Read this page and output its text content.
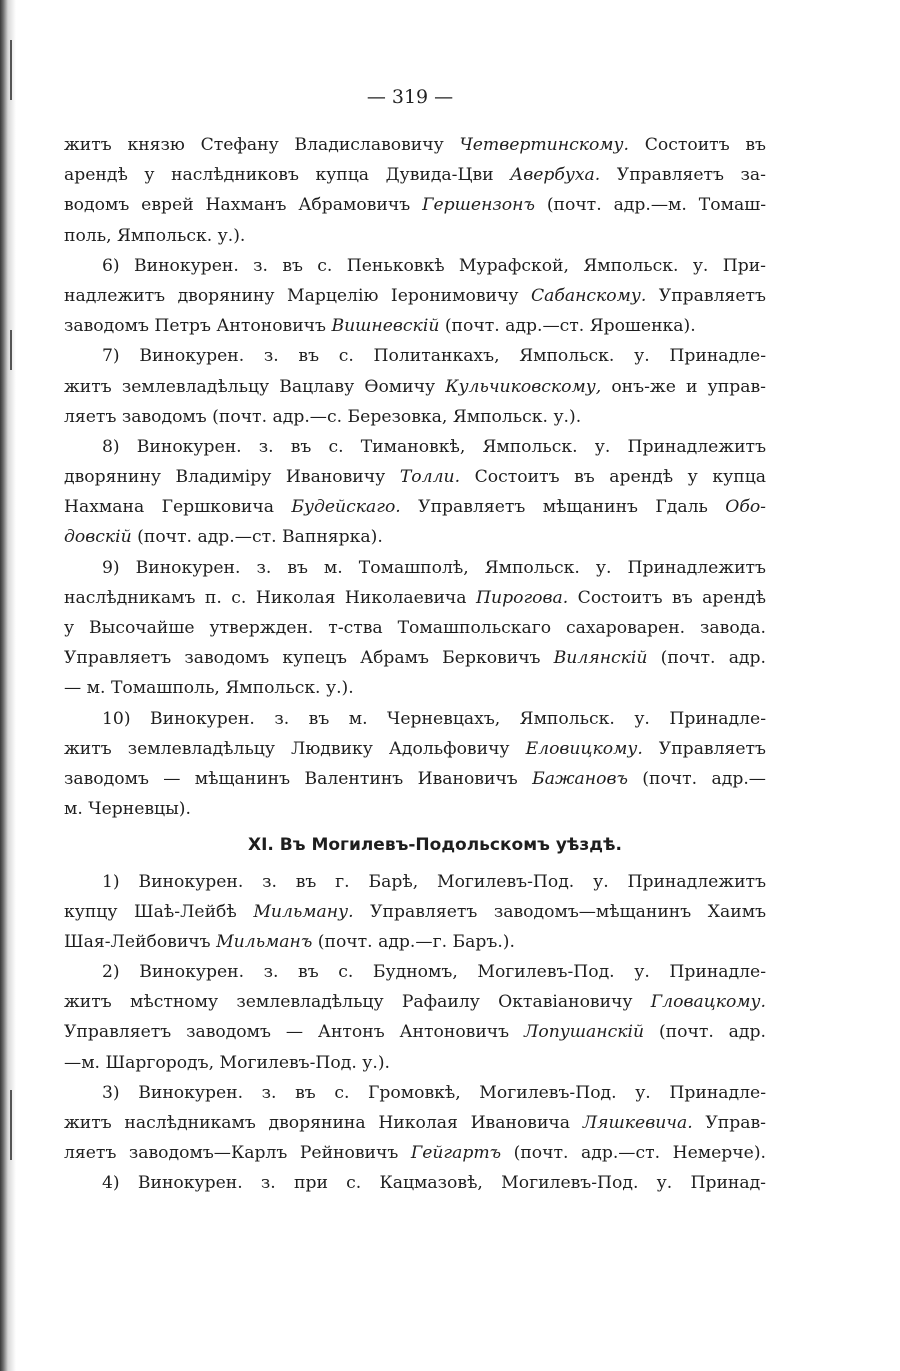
— 319 —
житъ князю Стефану Владиславовичу Четвертинскому. Состоитъ въ
арендѣ у наслѣдниковъ купца Дувида-Цви Авербуха. Управляетъ за-
водомъ еврей Нахманъ Абрамовичъ Гершензонъ (почт. адр.—м. Томаш-
поль, Ямпольск. у.).
6) Винокурен. з. въ с. Пеньковкѣ Мурафской, Ямпольск. у. При-
надлежитъ дворянину Марцелію Іеронимовичу Сабанскому. Управляетъ
заводомъ Петръ Антоновичъ Вишневскій (почт. адр.—ст. Ярошенка).
7) Винокурен. з. въ с. Политанкахъ, Ямпольск. у. Принадле-
житъ землевладѣльцу Вацлаву Ѳомичу Кульчиковскому, онъ-же и управ-
ляетъ заводомъ (почт. адр.—с. Березовка, Ямпольск. у.).
8) Винокурен. з. въ с. Тимановкѣ, Ямпольск. у. Принадлежитъ
дворянину Владиміру Ивановичу Толли. Состоитъ въ арендѣ у купца
Нахмана Гершковича Будейскаго. Управляетъ мѣщанинъ Гдаль Обо-
довскій (почт. адр.—ст. Вапнярка).
9) Винокурен. з. въ м. Томашполѣ, Ямпольск. у. Принадлежитъ
наслѣдникамъ п. с. Николая Николаевича Пирогова. Состоитъ въ арендѣ
у Высочайше утвержден. т-ства Томашпольскаго сахароварен. завода.
Управляетъ заводомъ купецъ Абрамъ Берковичъ Вилянскій (почт. адр.
— м. Томашполь, Ямпольск. у.).
10) Винокурен. з. въ м. Черневцахъ, Ямпольск. у. Принадле-
житъ землевладѣльцу Людвику Адольфовичу Еловицкому. Управляетъ
заводомъ — мѣщанинъ Валентинъ Ивановичъ Бажановъ (почт. адр.—
м. Черневцы).
XI. Въ Могилевъ-Подольскомъ уѣздѣ.
1) Винокурен. з. въ г. Барѣ, Могилевъ-Под. у. Принадлежитъ
купцу Шаѣ-Лейбѣ Мильману. Управляетъ заводомъ—мѣщанинъ Хаимъ
Шая-Лейбовичъ Мильманъ (почт. адр.—г. Баръ.).
2) Винокурен. з. въ с. Будномъ, Могилевъ-Под. у. Принадле-
житъ мѣстному землевладѣльцу Рафаилу Октавіановичу Гловацкому.
Управляетъ заводомъ — Антонъ Антоновичъ Лопушанскій (почт. адр.
—м. Шаргородъ, Могилевъ-Под. у.).
3) Винокурен. з. въ с. Громовкѣ, Могилевъ-Под. у. Принадле-
житъ наслѣдникамъ дворянина Николая Ивановича Ляшкевича. Управ-
ляетъ заводомъ—Карлъ Рейновичъ Гейгартъ (почт. адр.—ст. Немерче).
4) Винокурен. з. при с. Кацмазовѣ, Могилевъ-Под. у. Принад-
